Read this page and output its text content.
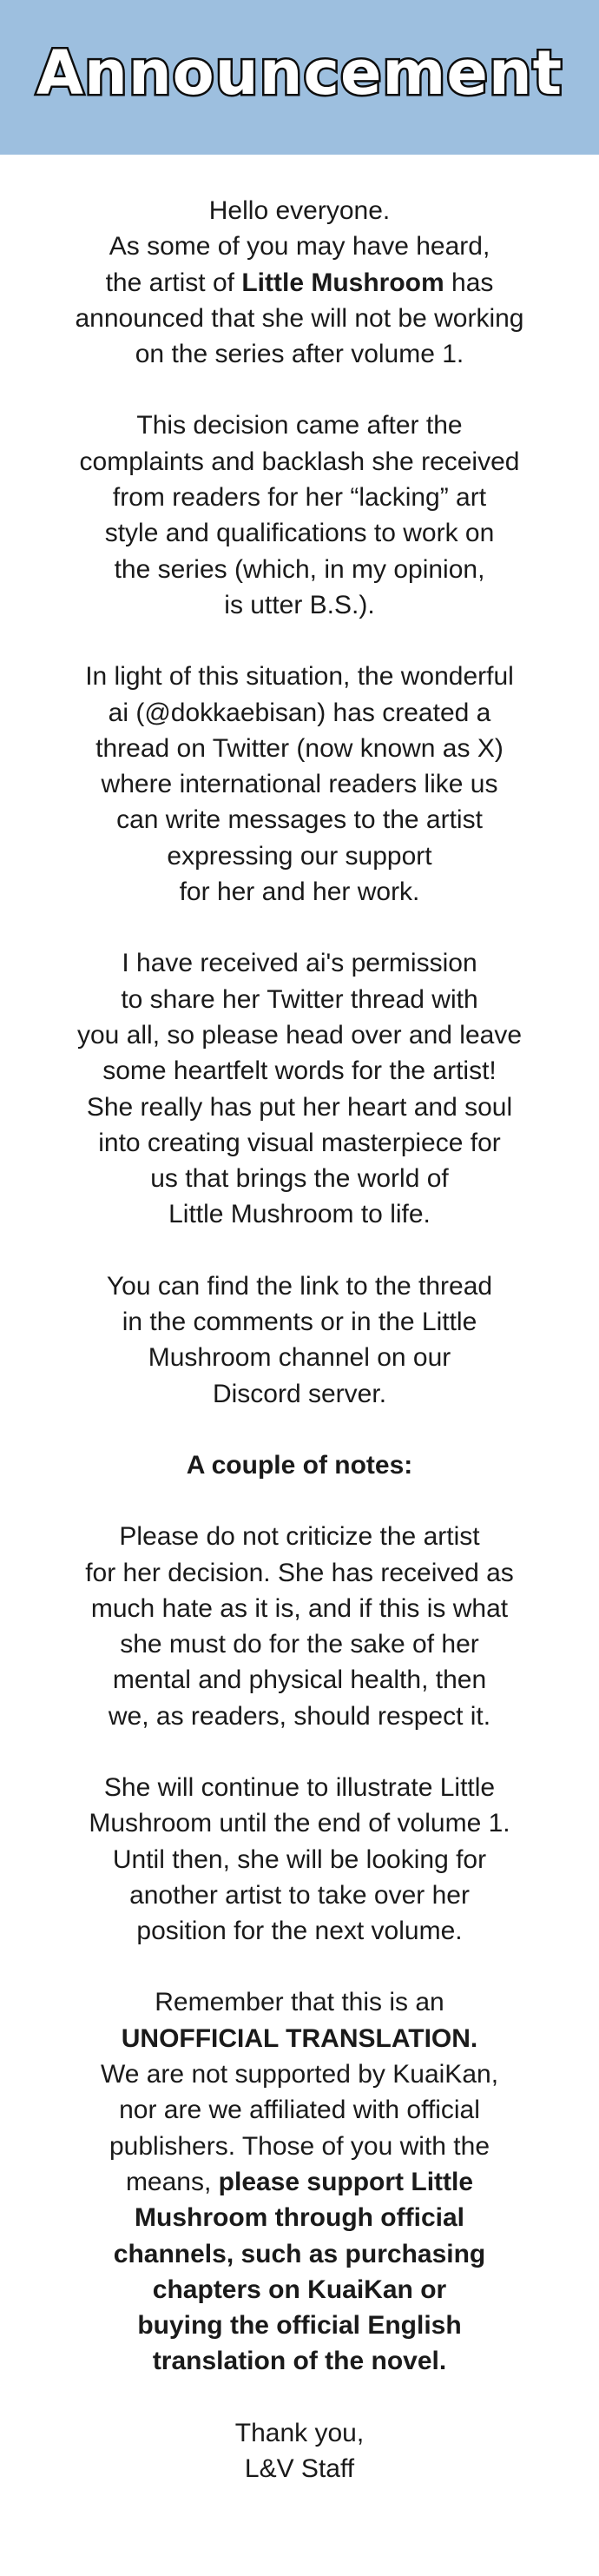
Announcement
Hello everyone.
As some of you may have heard,
the artist of Little Mushroom has
announced that she will not be working
on the series after volume 1.
This decision came after the
complaints and backlash she received
from readers for her “lacking” art
style and qualifications to work on
the series (which, in my opinion,
is utter B.S.).
In light of this situation, the wonderful
ai (@dokkaebisan) has created a
thread on Twitter (now known as X)
where international readers like us
can write messages to the artist
expressing our support
for her and her work.
I have received ai's permission
to share her Twitter thread with
you all, so please head over and leave
some heartfelt words for the artist!
She really has put her heart and soul
into creating visual masterpiece for
us that brings the world of
Little Mushroom to life.
You can find the link to the thread
in the comments or in the Little
Mushroom channel on our
Discord server.
A couple of notes:
Please do not criticize the artist
for her decision. She has received as
much hate as it is, and if this is what
she must do for the sake of her
mental and physical health, then
we, as readers, should respect it.
She will continue to illustrate Little
Mushroom until the end of volume 1.
Until then, she will be looking for
another artist to take over her
position for the next volume.
Remember that this is an
UNOFFICIAL TRANSLATION.
We are not supported by KuaiKan,
nor are we affiliated with official
publishers. Those of you with the
means, please support Little
Mushroom through official
channels, such as purchasing
chapters on KuaiKan or
buying the official English
translation of the novel.
Thank you,
L&V Staff
